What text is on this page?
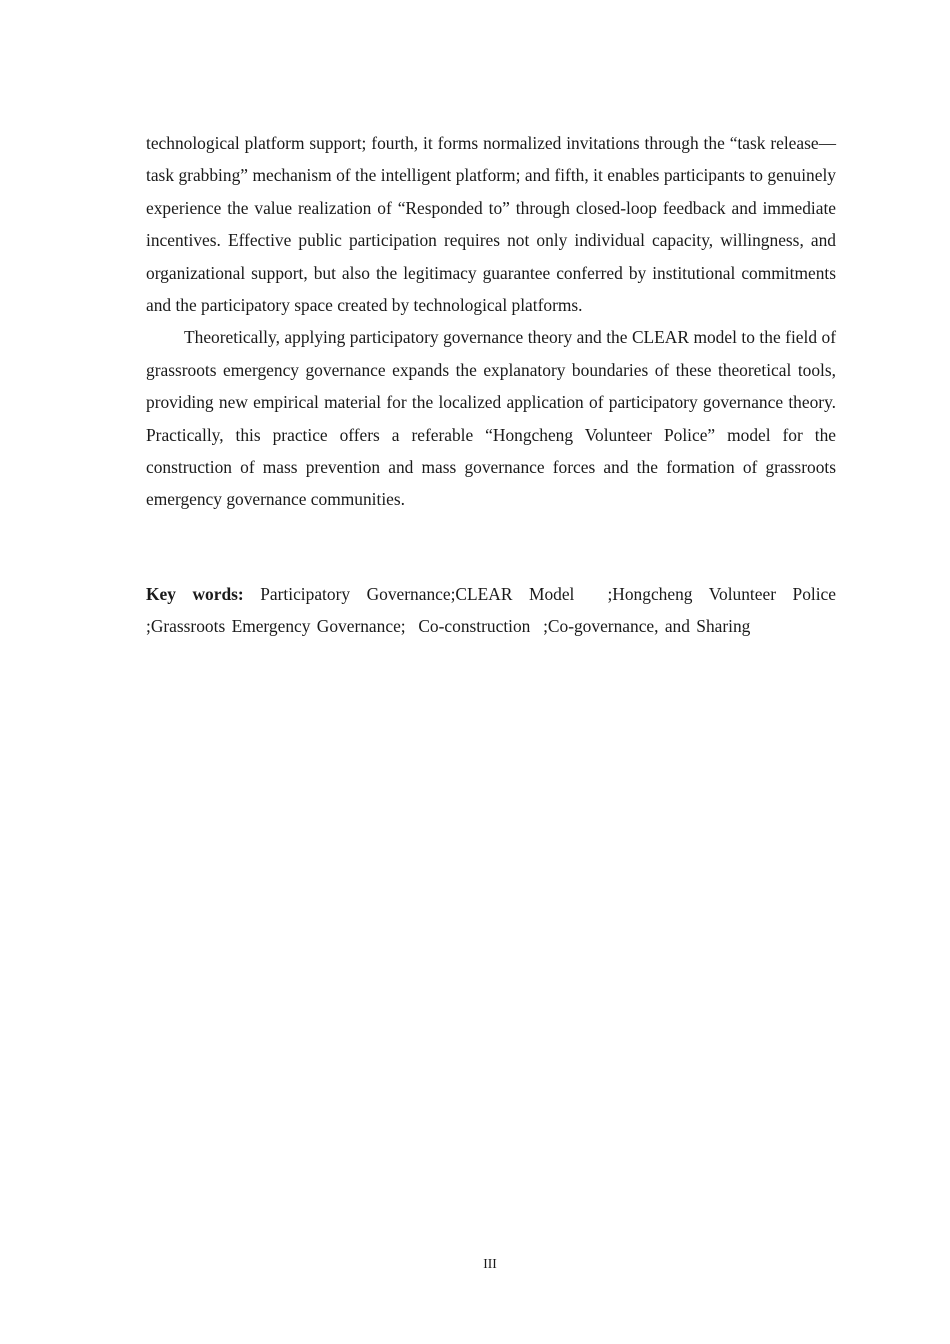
technological platform support; fourth, it forms normalized invitations through the “task release—task grabbing” mechanism of the intelligent platform; and fifth, it enables participants to genuinely experience the value realization of “Responded to” through closed-loop feedback and immediate incentives. Effective public participation requires not only individual capacity, willingness, and organizational support, but also the legitimacy guarantee conferred by institutional commitments and the participatory space created by technological platforms.

Theoretically, applying participatory governance theory and the CLEAR model to the field of grassroots emergency governance expands the explanatory boundaries of these theoretical tools, providing new empirical material for the localized application of participatory governance theory. Practically, this practice offers a referable “Hongcheng Volunteer Police” model for the construction of mass prevention and mass governance forces and the formation of grassroots emergency governance communities.

Key words: Participatory Governance;CLEAR Model  ;Hongcheng Volunteer Police ;Grassroots Emergency Governance;  Co-construction  ;Co-governance, and Sharing
III
